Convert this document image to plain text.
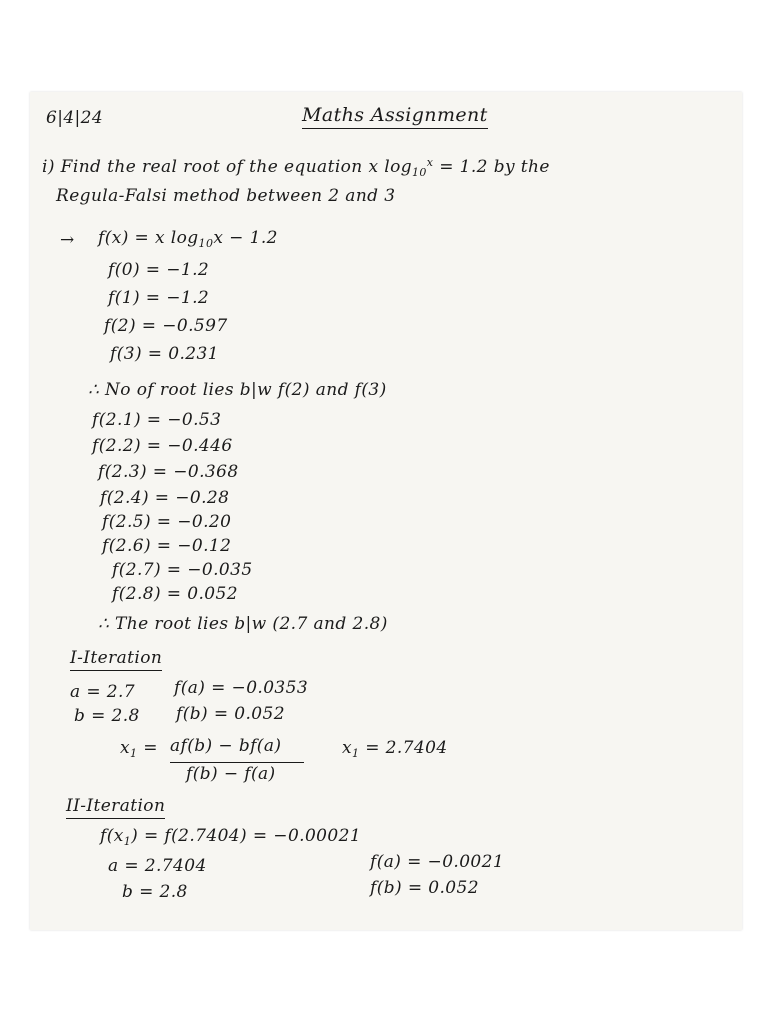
6|4|24	Maths Assignment
i) Find the real root of the equation x $\log_{10}^x = 1.2$ by the
Regula-Falsi method between 2 and 3
→ f(x) = x $\log_{10}x - 1.2$
f(0) = −1.2
f(1) = −1.2
f(2) = −0.597
f(3) = 0.231
∴ No of root lies b|w f(2) and f(3)
f(2.1) = −0.53
f(2.2) = −0.446
f(2.3) = −0.368
f(2.4) = −0.28
f(2.5) = −0.20
f(2.6) = −0.12
f(2.7) = −0.035
f(2.8) = 0.052
∴ The root lies b|w (2.7 and 2.8)
I-Iteration
a = 2.7 f(a) = −0.0353
b = 2.8 f(b) = 0.052
$x_1 = af(b) - bf(a)$
f(b) − f(a)
$x_1 = 2.7404$
II-Iteration
$f(x_1) = f(2.7404) = -0.00021$
a = 2.7404	f(a) = −0.0021
b = 2.8	f(b) = 0.052
